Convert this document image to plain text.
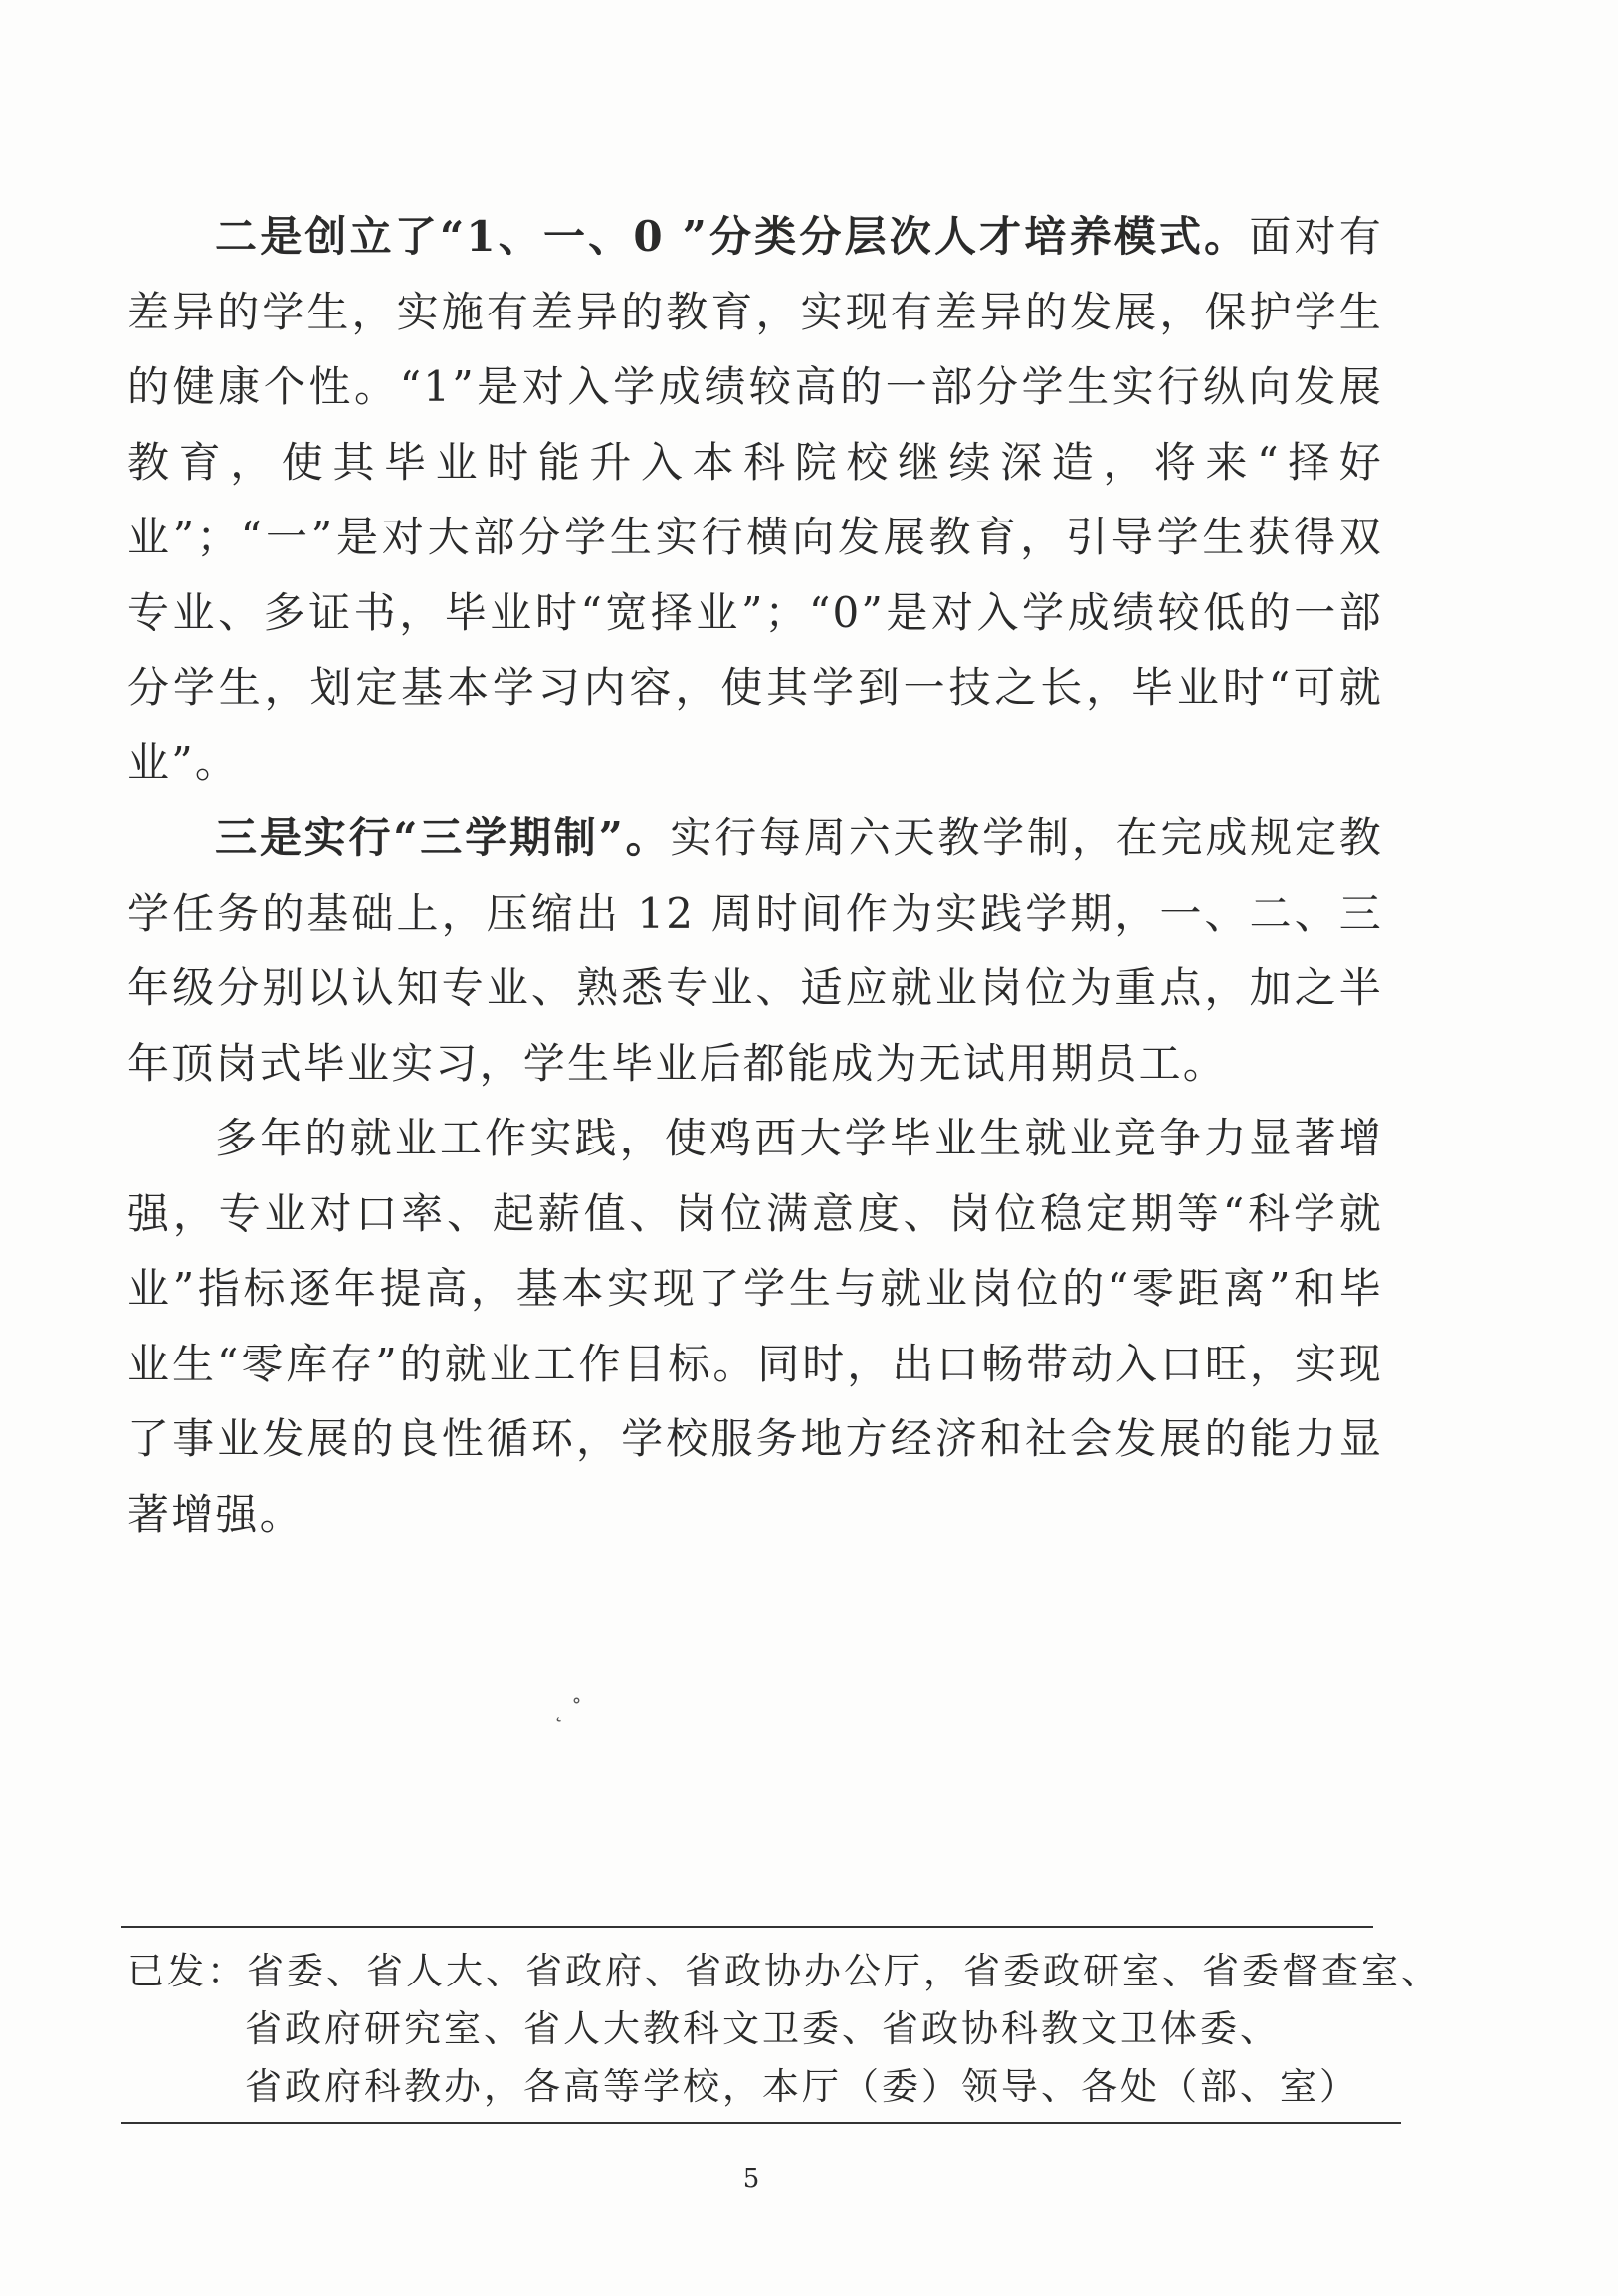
二是创立了“1、一、0 ”分类分层次人才培养模式。面对有差异的学生，实施有差异的教育，实现有差异的发展，保护学生的健康个性。“1”是对入学成绩较高的一部分学生实行纵向发展教育，使其毕业时能升入本科院校继续深造，将来“择好业”；“一”是对大部分学生实行横向发展教育，引导学生获得双专业、多证书，毕业时“宽择业”；“0”是对入学成绩较低的一部分学生，划定基本学习内容，使其学到一技之长，毕业时“可就业”。

三是实行“三学期制”。实行每周六天教学制，在完成规定教学任务的基础上，压缩出 12 周时间作为实践学期，一、二、三年级分别以认知专业、熟悉专业、适应就业岗位为重点，加之半年顶岗式毕业实习，学生毕业后都能成为无试用期员工。

多年的就业工作实践，使鸡西大学毕业生就业竞争力显著增强，专业对口率、起薪值、岗位满意度、岗位稳定期等“科学就业”指标逐年提高，基本实现了学生与就业岗位的“零距离”和毕业生“零库存”的就业工作目标。同时，出口畅带动入口旺，实现了事业发展的良性循环，学校服务地方经济和社会发展的能力显著增强。

˛ ˚
已发：省委、省人大、省政府、省政协办公厅，省委政研室、省委督查室、
省政府研究室、省人大教科文卫委、省政协科教文卫体委、
省政府科教办，各高等学校，本厅（委）领导、各处（部、室）
5
